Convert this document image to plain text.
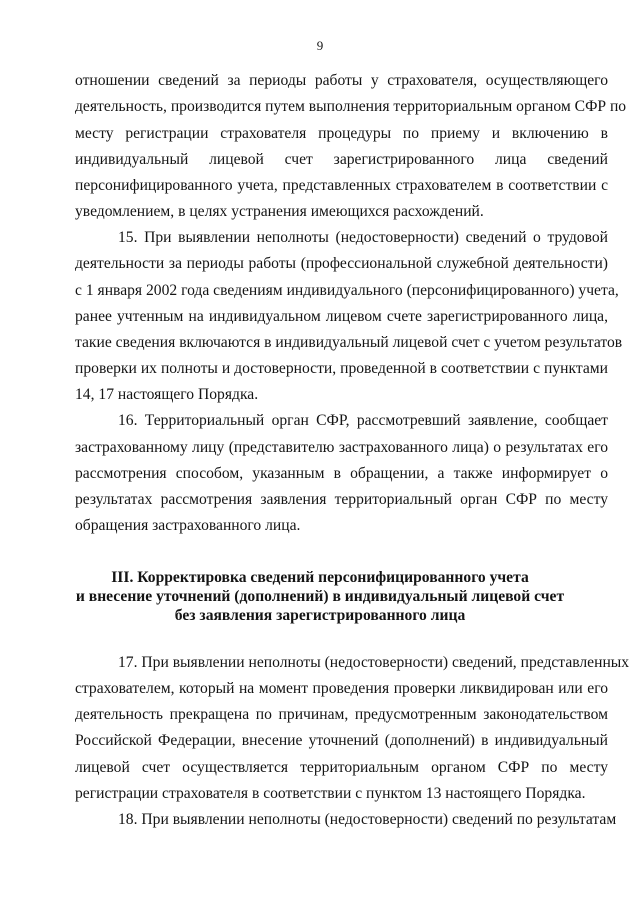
9
отношении сведений за периоды работы у страхователя, осуществляющего
деятельность, производится путем выполнения территориальным органом СФР по
месту регистрации страхователя процедуры по приему и включению в
индивидуальный лицевой счет зарегистрированного лица сведений
персонифицированного учета, представленных страхователем в соответствии с
уведомлением, в целях устранения имеющихся расхождений.
15. При выявлении неполноты (недостоверности) сведений о трудовой
деятельности за периоды работы (профессиональной служебной деятельности)
с 1 января 2002 года сведениям индивидуального (персонифицированного) учета,
ранее учтенным на индивидуальном лицевом счете зарегистрированного лица,
такие сведения включаются в индивидуальный лицевой счет с учетом результатов
проверки их полноты и достоверности, проведенной в соответствии с пунктами
14, 17 настоящего Порядка.
16. Территориальный орган СФР, рассмотревший заявление, сообщает
застрахованному лицу (представителю застрахованного лица) о результатах его
рассмотрения способом, указанным в обращении, а также информирует о
результатах рассмотрения заявления территориальный орган СФР по месту
обращения застрахованного лица.
III. Корректировка сведений персонифицированного учета
и внесение уточнений (дополнений) в индивидуальный лицевой счет
без заявления зарегистрированного лица
17. При выявлении неполноты (недостоверности) сведений, представленных
страхователем, который на момент проведения проверки ликвидирован или его
деятельность прекращена по причинам, предусмотренным законодательством
Российской Федерации, внесение уточнений (дополнений) в индивидуальный
лицевой счет осуществляется территориальным органом СФР по месту
регистрации страхователя в соответствии с пунктом 13 настоящего Порядка.
18. При выявлении неполноты (недостоверности) сведений по результатам
